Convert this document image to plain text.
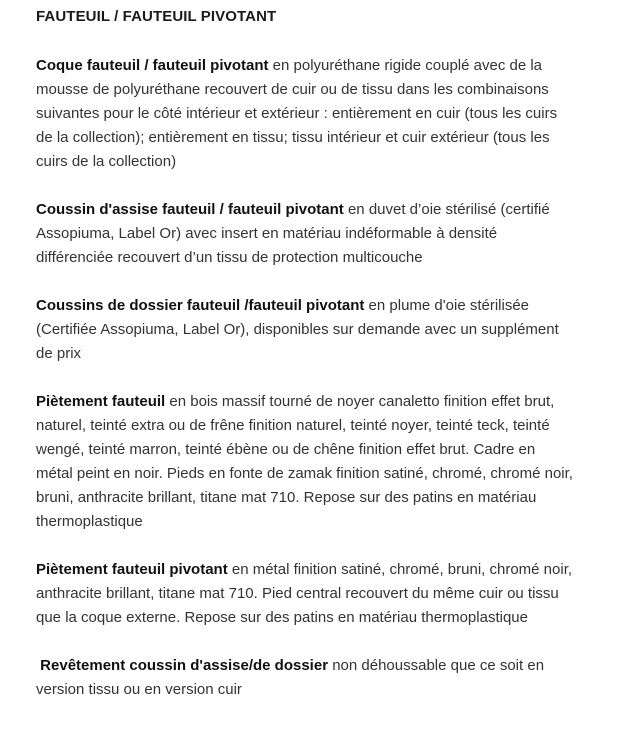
FAUTEUIL / FAUTEUIL PIVOTANT

Coque fauteuil / fauteuil pivotant en polyuréthane rigide couplé avec de la mousse de polyuréthane recouvert de cuir ou de tissu dans les combinaisons suivantes pour le côté intérieur et extérieur : entièrement en cuir (tous les cuirs de la collection); entièrement en tissu; tissu intérieur et cuir extérieur (tous les cuirs de la collection)

Coussin d'assise fauteuil / fauteuil pivotant en duvet d’oie stérilisé (certifié Assopiuma, Label Or) avec insert en matériau indéformable à densité différenciée recouvert d’un tissu de protection multicouche

Coussins de dossier fauteuil /fauteuil pivotant en plume d'oie stérilisée (Certifiée Assopiuma, Label Or), disponibles sur demande avec un supplément de prix

Piètement fauteuil en bois massif tourné de noyer canaletto finition effet brut, naturel, teinté extra ou de frêne finition naturel, teinté noyer, teinté teck, teinté wengé, teinté marron, teinté ébène ou de chêne finition effet brut. Cadre en métal peint en noir. Pieds en fonte de zamak finition satiné, chromé, chromé noir, bruni, anthracite brillant, titane mat 710. Repose sur des patins en matériau thermoplastique

Piètement fauteuil pivotant en métal finition satiné, chromé, bruni, chromé noir, anthracite brillant, titane mat 710. Pied central recouvert du même cuir ou tissu que la coque externe. Repose sur des patins en matériau thermoplastique

Revêtement coussin d'assise/de dossier non déhoussable que ce soit en version tissu ou en version cuir
